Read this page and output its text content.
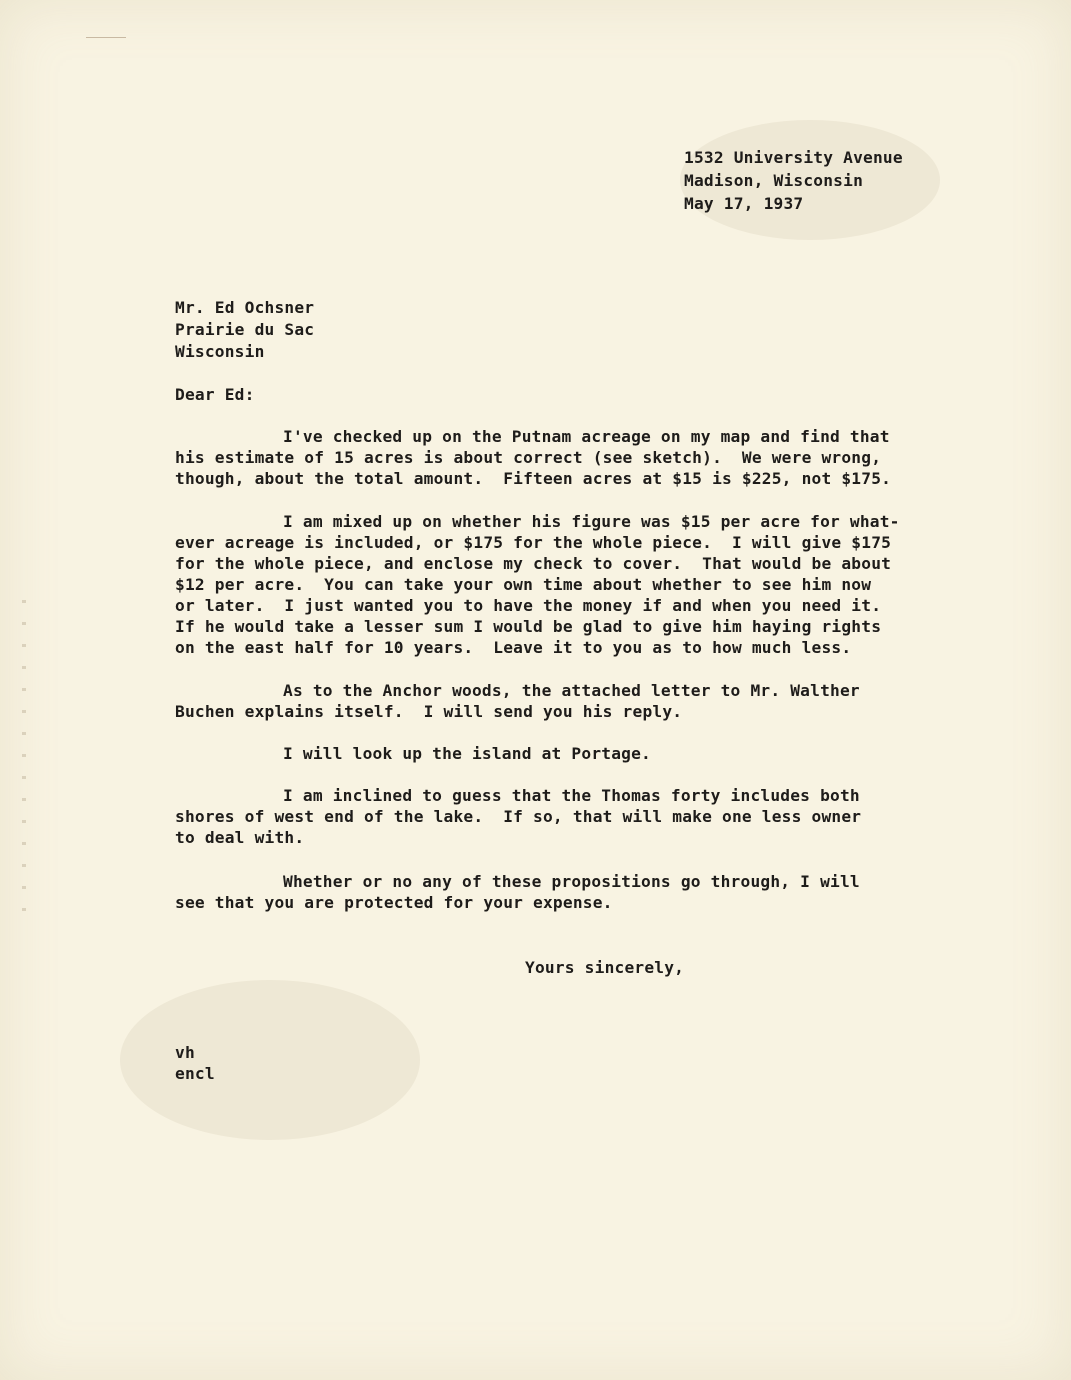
1532 University Avenue
Madison, Wisconsin
May 17, 1937
Mr. Ed Ochsner
Prairie du Sac
Wisconsin
Dear Ed:
I've checked up on the Putnam acreage on my map and find that
his estimate of 15 acres is about correct (see sketch).  We were wrong,
though, about the total amount.  Fifteen acres at $15 is $225, not $175.
I am mixed up on whether his figure was $15 per acre for what-
ever acreage is included, or $175 for the whole piece.  I will give $175
for the whole piece, and enclose my check to cover.  That would be about
$12 per acre.  You can take your own time about whether to see him now
or later.  I just wanted you to have the money if and when you need it.
If he would take a lesser sum I would be glad to give him haying rights
on the east half for 10 years.  Leave it to you as to how much less.
As to the Anchor woods, the attached letter to Mr. Walther
Buchen explains itself.  I will send you his reply.
I will look up the island at Portage.
I am inclined to guess that the Thomas forty includes both
shores of west end of the lake.  If so, that will make one less owner
to deal with.
Whether or no any of these propositions go through, I will
see that you are protected for your expense.
Yours sincerely,
vh
encl
